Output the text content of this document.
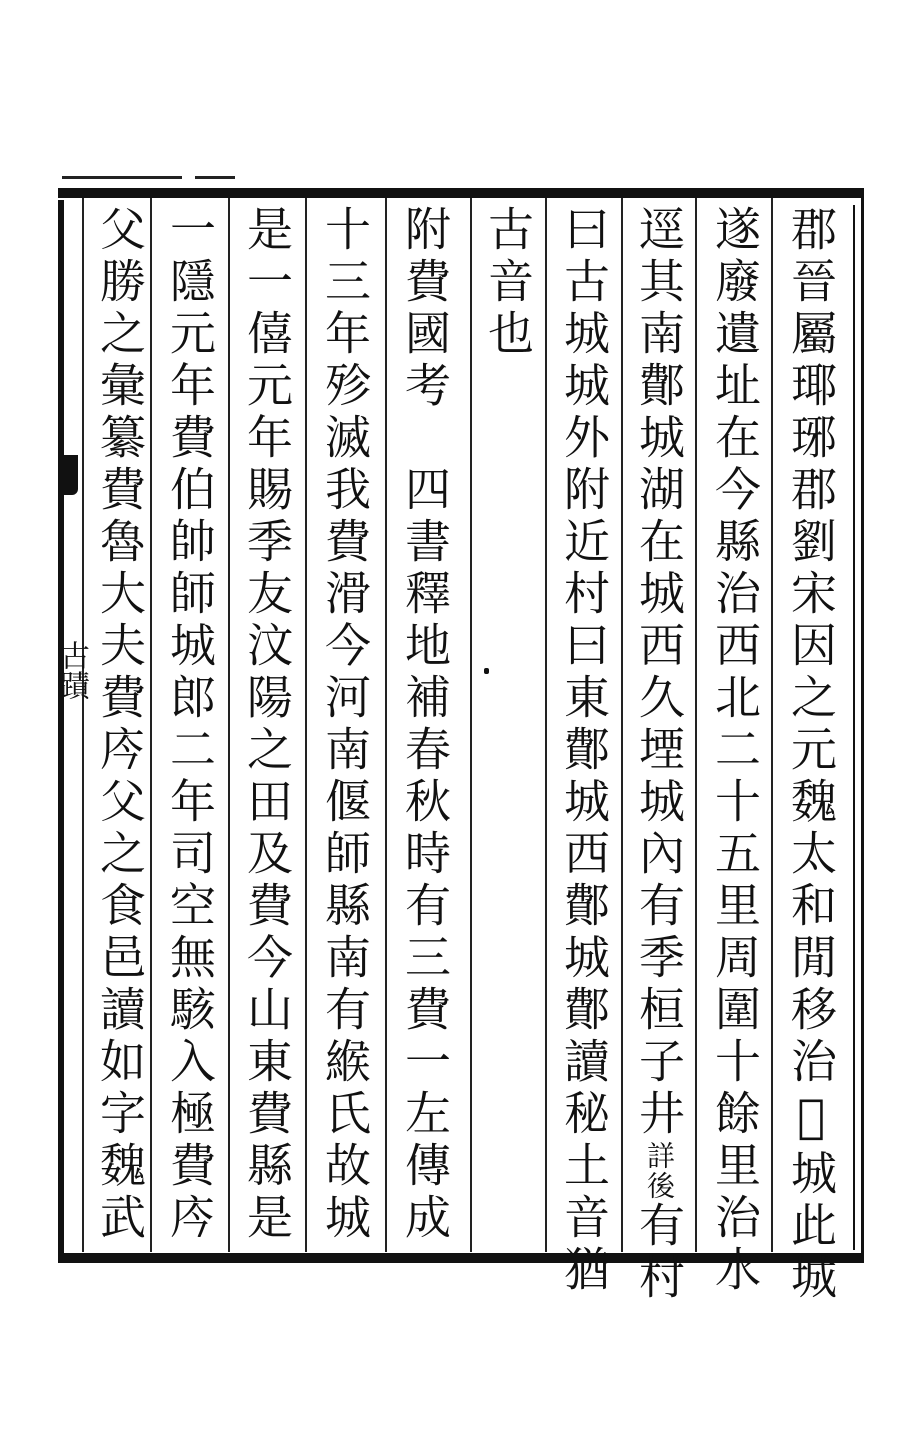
郡晉屬瑘琊郡劉宋因之元魏太和閒移治𦲨城此城
遂廢遺址在今縣治西北二十五里周圍十餘里治水
逕其南鄪城湖在城西久堙城內有季桓子井
詳後
有村
曰古城城外附近村曰東鄪城西鄪城鄪讀秘土音猶
古音也
附費國考　四書釋地補春秋時有三費一左傳成
十三年殄滅我費滑今河南偃師縣南有緱氏故城
是一僖元年賜季友汶陽之田及費今山東費縣是
一隱元年費伯帥師城郎二年司空無駭入極費庈
父勝之彙纂費魯大夫費庈父之食邑讀如字魏武
古蹟
